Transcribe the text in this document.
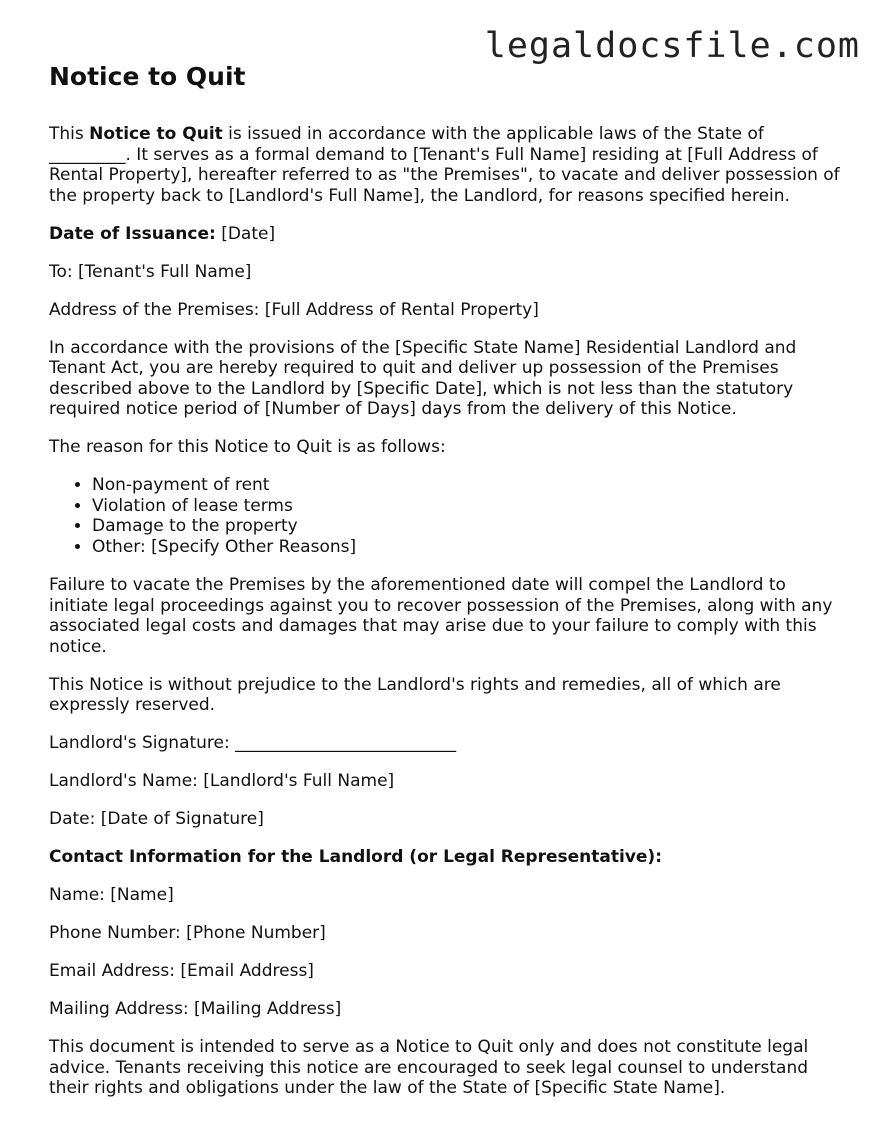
legaldocsfile.com
Notice to Quit

This Notice to Quit is issued in accordance with the applicable laws of the State of _________. It serves as a formal demand to [Tenant's Full Name] residing at [Full Address of Rental Property], hereafter referred to as "the Premises", to vacate and deliver possession of the property back to [Landlord's Full Name], the Landlord, for reasons specified herein.

Date of Issuance: [Date]

To: [Tenant's Full Name]

Address of the Premises: [Full Address of Rental Property]

In accordance with the provisions of the [Specific State Name] Residential Landlord and Tenant Act, you are hereby required to quit and deliver up possession of the Premises described above to the Landlord by [Specific Date], which is not less than the statutory required notice period of [Number of Days] days from the delivery of this Notice.

The reason for this Notice to Quit is as follows:

• Non-payment of rent
• Violation of lease terms
• Damage to the property
• Other: [Specify Other Reasons]

Failure to vacate the Premises by the aforementioned date will compel the Landlord to initiate legal proceedings against you to recover possession of the Premises, along with any associated legal costs and damages that may arise due to your failure to comply with this notice.

This Notice is without prejudice to the Landlord's rights and remedies, all of which are expressly reserved.

Landlord's Signature: __________________________

Landlord's Name: [Landlord's Full Name]

Date: [Date of Signature]

Contact Information for the Landlord (or Legal Representative):

Name: [Name]

Phone Number: [Phone Number]

Email Address: [Email Address]

Mailing Address: [Mailing Address]

This document is intended to serve as a Notice to Quit only and does not constitute legal advice. Tenants receiving this notice are encouraged to seek legal counsel to understand their rights and obligations under the law of the State of [Specific State Name].
